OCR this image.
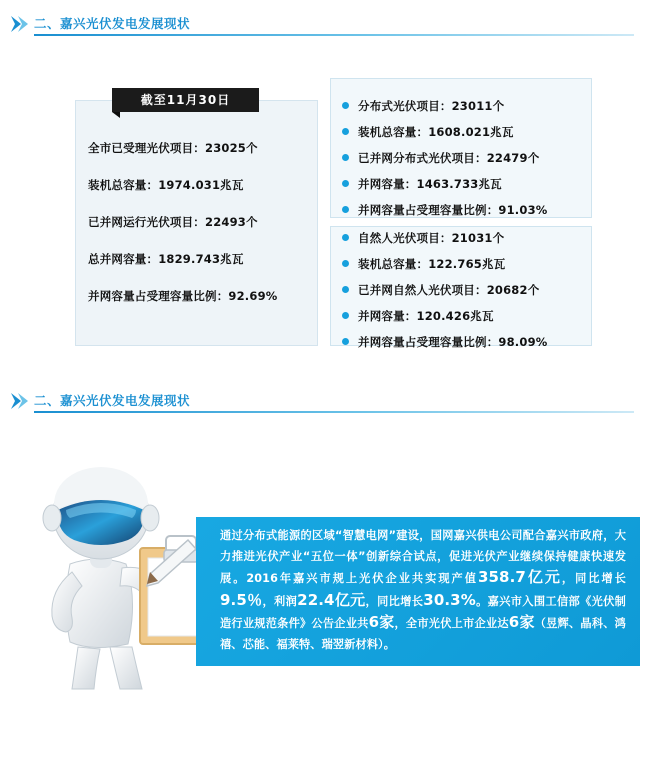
二、嘉兴光伏发电发展现状
截至11月30日
全市已受理光伏项目：23025个
装机总容量：1974.031兆瓦
已并网运行光伏项目：22493个
总并网容量：1829.743兆瓦
并网容量占受理容量比例：92.69%
分布式光伏项目：23011个
装机总容量：1608.021兆瓦
已并网分布式光伏项目：22479个
并网容量：1463.733兆瓦
并网容量占受理容量比例：91.03%
自然人光伏项目：21031个
装机总容量：122.765兆瓦
已并网自然人光伏项目：20682个
并网容量：120.426兆瓦
并网容量占受理容量比例：98.09%
二、嘉兴光伏发电发展现状
通过分布式能源的区域“智慧电网”建设，国网嘉兴供电公司配合嘉兴市政府，大力推进光伏产业“五位一体”创新综合试点，促进光伏产业继续保持健康快速发展。2016年嘉兴市规上光伏企业共实现产值358.7亿元，同比增长9.5％，利润22.4亿元，同比增长30.3%。嘉兴市入围工信部《光伏制造行业规范条件》公告企业共6家，全市光伏上市企业达6家（昱辉、晶科、鸿禧、芯能、福莱特、瑞翌新材料）。
